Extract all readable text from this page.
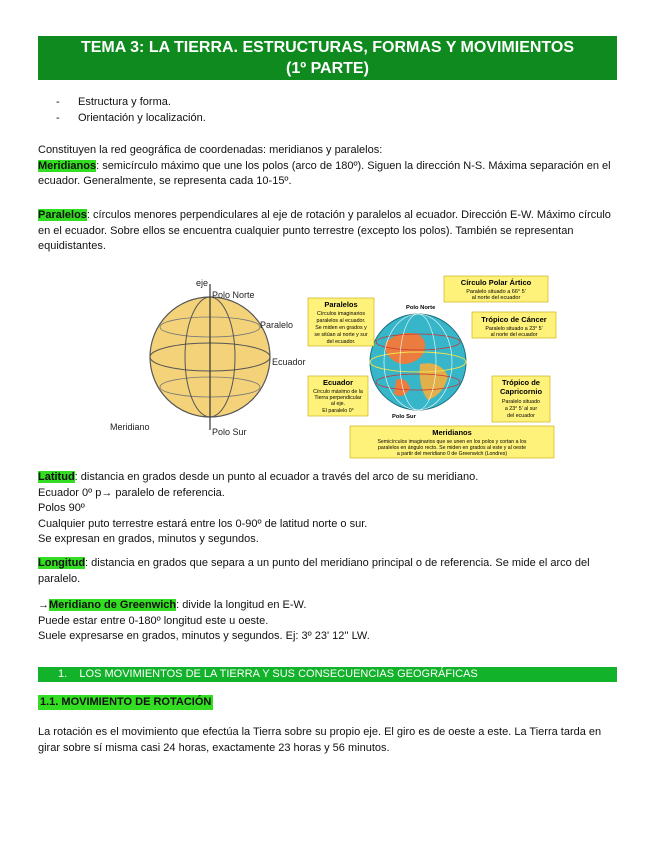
TEMA 3: LA TIERRA. ESTRUCTURAS, FORMAS Y MOVIMIENTOS
(1º PARTE)
- Estructura y forma.
- Orientación y localización.
Constituyen la red geográfica de coordenadas: meridianos y paralelos:
Meridianos: semicírculo máximo que une los polos (arco de 180º). Siguen la dirección N-S. Máxima separación en el ecuador. Generalmente, se representa cada 10-15º.
Paralelos: círculos menores perpendiculares al eje de rotación y paralelos al ecuador. Dirección E-W. Máximo círculo en el ecuador. Sobre ellos se encuentra cualquier punto terrestre (excepto los polos). También se representan equidistantes.
eje
Polo Norte
Paralelo
Ecuador
Meridiano	Polo Sur
Círculo Polar Ártico
Paralelo situado a 66° 5'
al norte del ecuador
Paralelos
Círculos imaginarios
paralelos al ecuador.
Se miden en grados y
se sitúan al norte y sur
del ecuador.
Polo Norte
Trópico de Cáncer
Paralelo situado a 23° 5'
al norte del ecuador
Ecuador
Círculo máximo de la
Tierra perpendicular
al eje.
El paralelo 0°
Trópico de
Capricornio
Paralelo situado
a 23° 5' al sur
del ecuador
Polo Sur
Meridianos
Semicírculos imaginarios que se unen en los polos y cortan a los
paralelos en ángulo recto. Se miden en grados al este y al oeste
a partir del meridiano 0 de Greenwich (Londres)
Latitud: distancia en grados desde un punto al ecuador a través del arco de su meridiano.
Ecuador 0º p→ paralelo de referencia.
Polos 90º
Cualquier puto terrestre estará entre los 0-90º de latitud norte o sur.
Se expresan en grados, minutos y segundos.
Longitud: distancia en grados que separa a un punto del meridiano principal o de referencia. Se mide el arco del paralelo.
→Meridiano de Greenwich: divide la longitud en E-W.
Puede estar entre 0-180º longitud este u oeste.
Suele expresarse en grados, minutos y segundos. Ej: 3º 23' 12'' LW.
1. LOS MOVIMIENTOS DE LA TIERRA Y SUS CONSECUENCIAS GEOGRÁFICAS
1.1. MOVIMIENTO DE ROTACIÓN
La rotación es el movimiento que efectúa la Tierra sobre su propio eje. El giro es de oeste a este. La Tierra tarda en girar sobre sí misma casi 24 horas, exactamente 23 horas y 56 minutos.
